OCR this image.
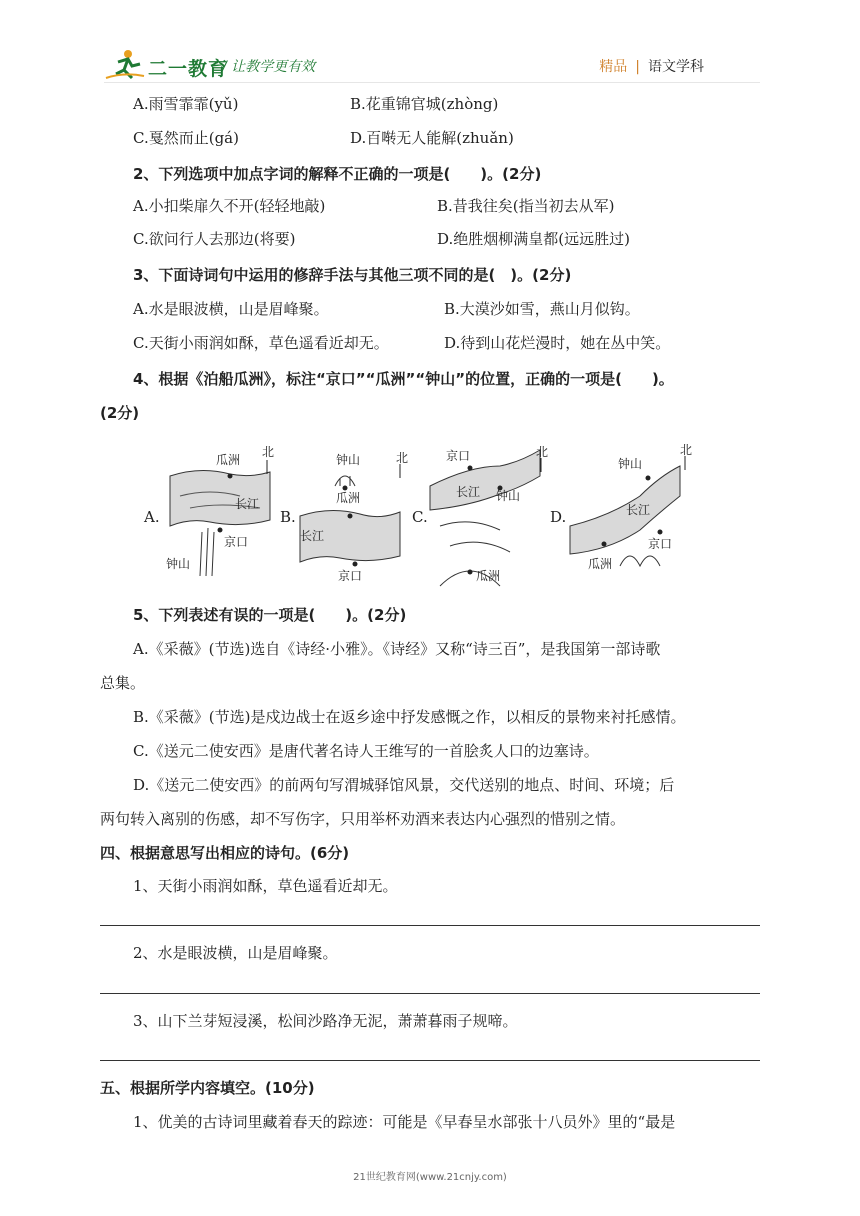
二一教育
/ 让教学更有效	精品 | 语文学科
A.雨雪霏霏(yǔ)	B.花重锦官城(zhòng)
C.戛然而止(gá)	D.百啭无人能解(zhuǎn)
2、下列选项中加点字词的解释不正确的一项是(　　)。(2分)
A.小扣柴扉久不开(轻轻地敲)	B.昔我往矣(指当初去从军)
C.欲问行人去那边(将要)	D.绝胜烟柳满皇都(远远胜过)
3、下面诗词句中运用的修辞手法与其他三项不同的是(　)。(2分)
A.水是眼波横，山是眉峰聚。	B.大漠沙如雪，燕山月似钩。
C.天街小雨润如酥，草色遥看近却无。	D.待到山花烂漫时，她在丛中笑。
4、根据《泊船瓜洲》，标注“京口”“瓜洲”“钟山”的位置，正确的一项是(　　)。
(2分)
A.
瓜洲
长江
京口
钟山
北
B.
钟山
瓜洲
长江
京口
北
C.
京口
长江 钟山
瓜洲
北
D.
钟山
长江
瓜洲
京口
北
5、下列表述有误的一项是(　　)。(2分)
A.《采薇》(节选)选自《诗经·小雅》。《诗经》又称“诗三百”，是我国第一部诗歌
总集。
B.《采薇》(节选)是戍边战士在返乡途中抒发感慨之作，以相反的景物来衬托感情。
C.《送元二使安西》是唐代著名诗人王维写的一首脍炙人口的边塞诗。
D.《送元二使安西》的前两句写渭城驿馆风景，交代送别的地点、时间、环境；后
两句转入离别的伤感，却不写伤字，只用举杯劝酒来表达内心强烈的惜别之情。
四、根据意思写出相应的诗句。(6分)
1、天街小雨润如酥，草色遥看近却无。
2、水是眼波横，山是眉峰聚。
3、山下兰芽短浸溪，松间沙路净无泥，萧萧暮雨子规啼。
五、根据所学内容填空。(10分)
1、优美的古诗词里藏着春天的踪迹：可能是《早春呈水部张十八员外》里的“最是
21世纪教育网(www.21cnjy.com)
